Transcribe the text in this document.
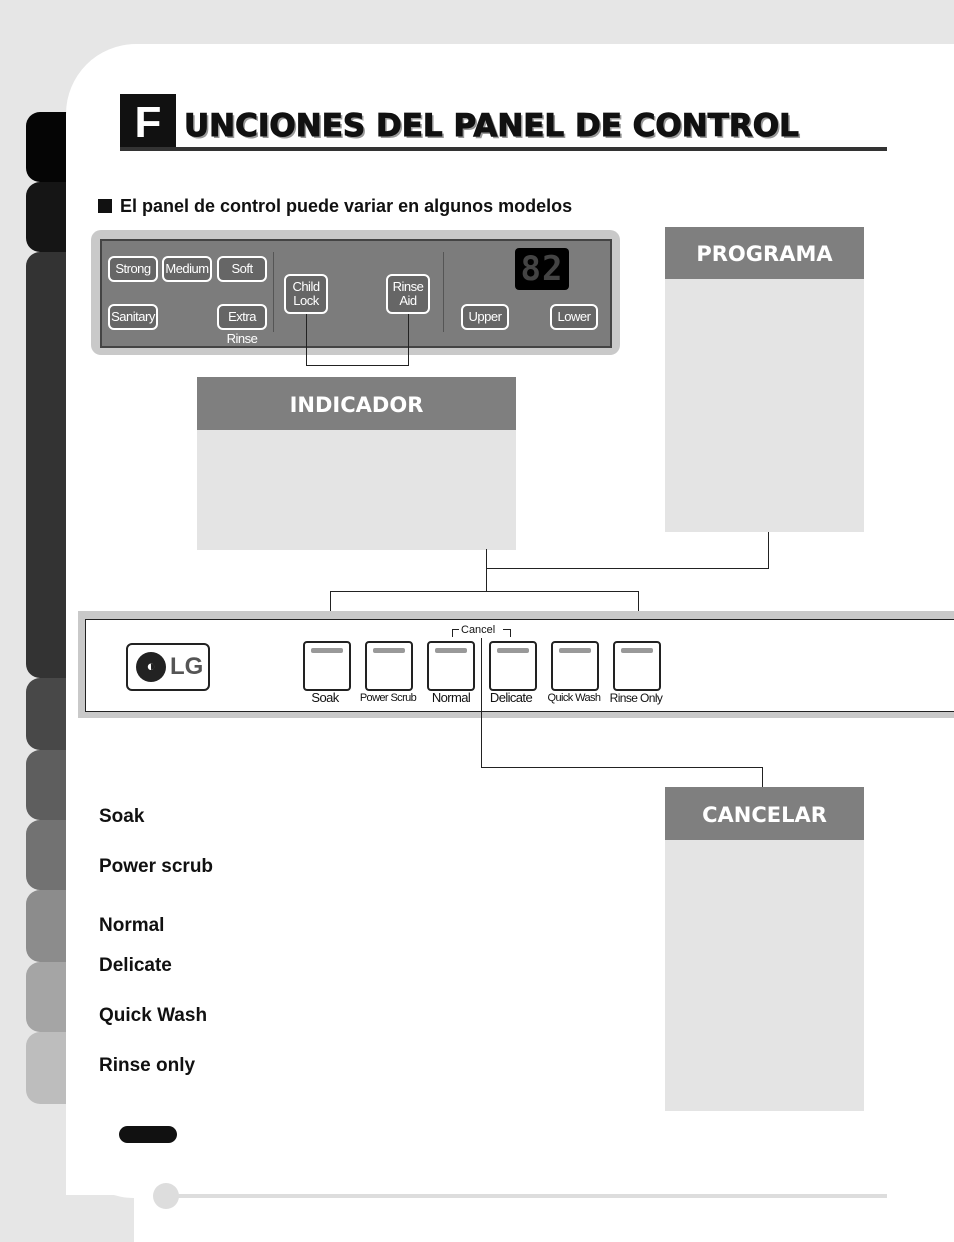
F UNCIONES DEL PANEL DE CONTROL
El panel de control puede variar en algunos modelos
Strong	Medium	Soft
Sanitary	Extra Rinse
Child
Lock
Rinse
Aid
82
Upper	Lower
PROGRAMA
INDICADOR
◐ LG
Cancel
Soak	Power Scrub	Normal	Delicate	Quick Wash Rinse Only
CANCELAR
Soak
Power scrub
Normal
Delicate
Quick Wash
Rinse only
